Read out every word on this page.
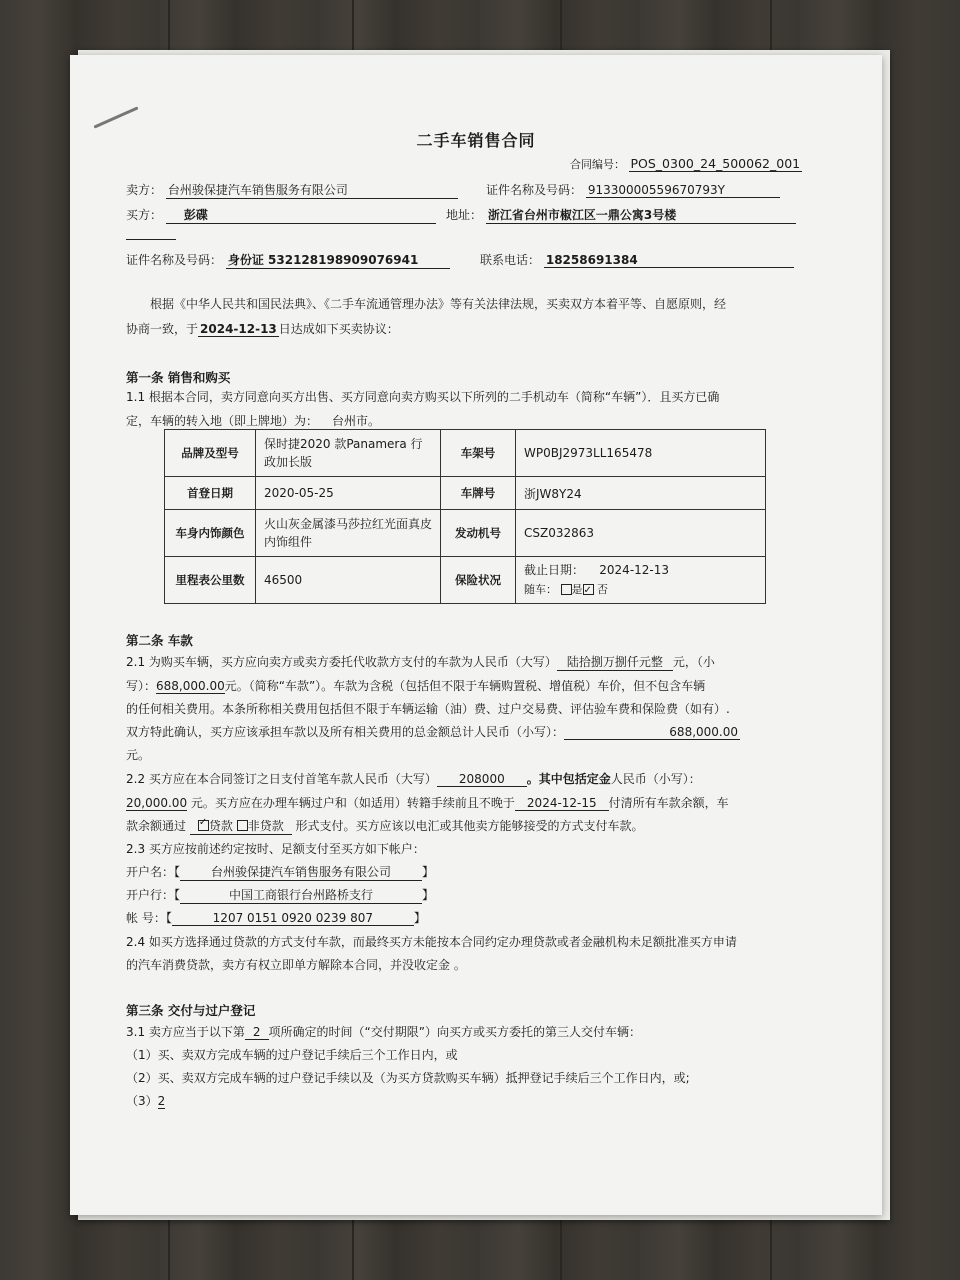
二手车销售合同
合同编号： POS_0300_24_500062_001
卖方： 台州骏保捷汽车销售服务有限公司	证件名称及号码： 91330000559670793Y
买方： 彭碟	地址： 浙江省台州市椒江区一鼎公寓3号楼
证件名称及号码： 身份证 532128198909076941	联系电话： 18258691384
根据《中华人民共和国民法典》、《二手车流通管理办法》等有关法律法规，买卖双方本着平等、自愿原则，经
协商一致，于 2024-12-13 日达成如下买卖协议：
第一条 销售和购买
1.1 根据本合同，卖方同意向买方出售、买方同意向卖方购买以下所列的二手机动车（简称“车辆”）．且买方已确
定，车辆的转入地（即上牌地）为： 台州市。
品牌及型号	保时捷2020 款Panamera 行政加长版	车架号	WP0BJ2973LL165478
首登日期	2020-05-25	车牌号	浙JW8Y24
车身内饰颜色	火山灰金属漆马莎拉红光面真皮内饰组件	发动机号	CSZ032863
里程表公里数	46500	保险状况	截止日期： 2024-12-13
随车： 是 ✓ 否
第二条 车款
2.1 为购买车辆，买方应向卖方或卖方委托代收款方支付的车款为人民币（大写） 陆拾捌万捌仟元整 元，（小
写）：688,000.00元。（简称“车款”）。车款为含税（包括但不限于车辆购置税、增值税）车价，但不包含车辆
的任何相关费用。本条所称相关费用包括但不限于车辆运输（油）费、过户交易费、评估验车费和保险费（如有）.
双方特此确认，买方应该承担车款以及所有相关费用的总金额总计人民币（小写）：	688,000.00
元。
2.2 买方应在本合同签订之日支付首笔车款人民币（大写） 208000 。其中包括定金人民币（小写）：
20,000.00 元。买方应在办理车辆过户和（如适用）转籍手续前且不晚于 2024-12-15 付清所有车款余额，车
款余额通过 ✓ 贷款 非贷款 形式支付。买方应该以电汇或其他卖方能够接受的方式支付车款。
2.3 买方应按前述约定按时、足额支付至买方如下帐户：
开户名：【	台州骏保捷汽车销售服务有限公司	】
开户行：【	中国工商银行台州路桥支行	】
帐 号：【	1207 0151 0920 0239 807	】
2.4 如买方选择通过贷款的方式支付车款，而最终买方未能按本合同约定办理贷款或者金融机构未足额批准买方申请
的汽车消费贷款，卖方有权立即单方解除本合同，并没收定金 。
第三条 交付与过户登记
3.1 卖方应当于以下第 2 项所确定的时间（“交付期限”）向买方或买方委托的第三人交付车辆：
（1）买、卖双方完成车辆的过户登记手续后三个工作日内，或
（2）买、卖双方完成车辆的过户登记手续以及（为买方贷款购买车辆）抵押登记手续后三个工作日内，或;
（3）2
